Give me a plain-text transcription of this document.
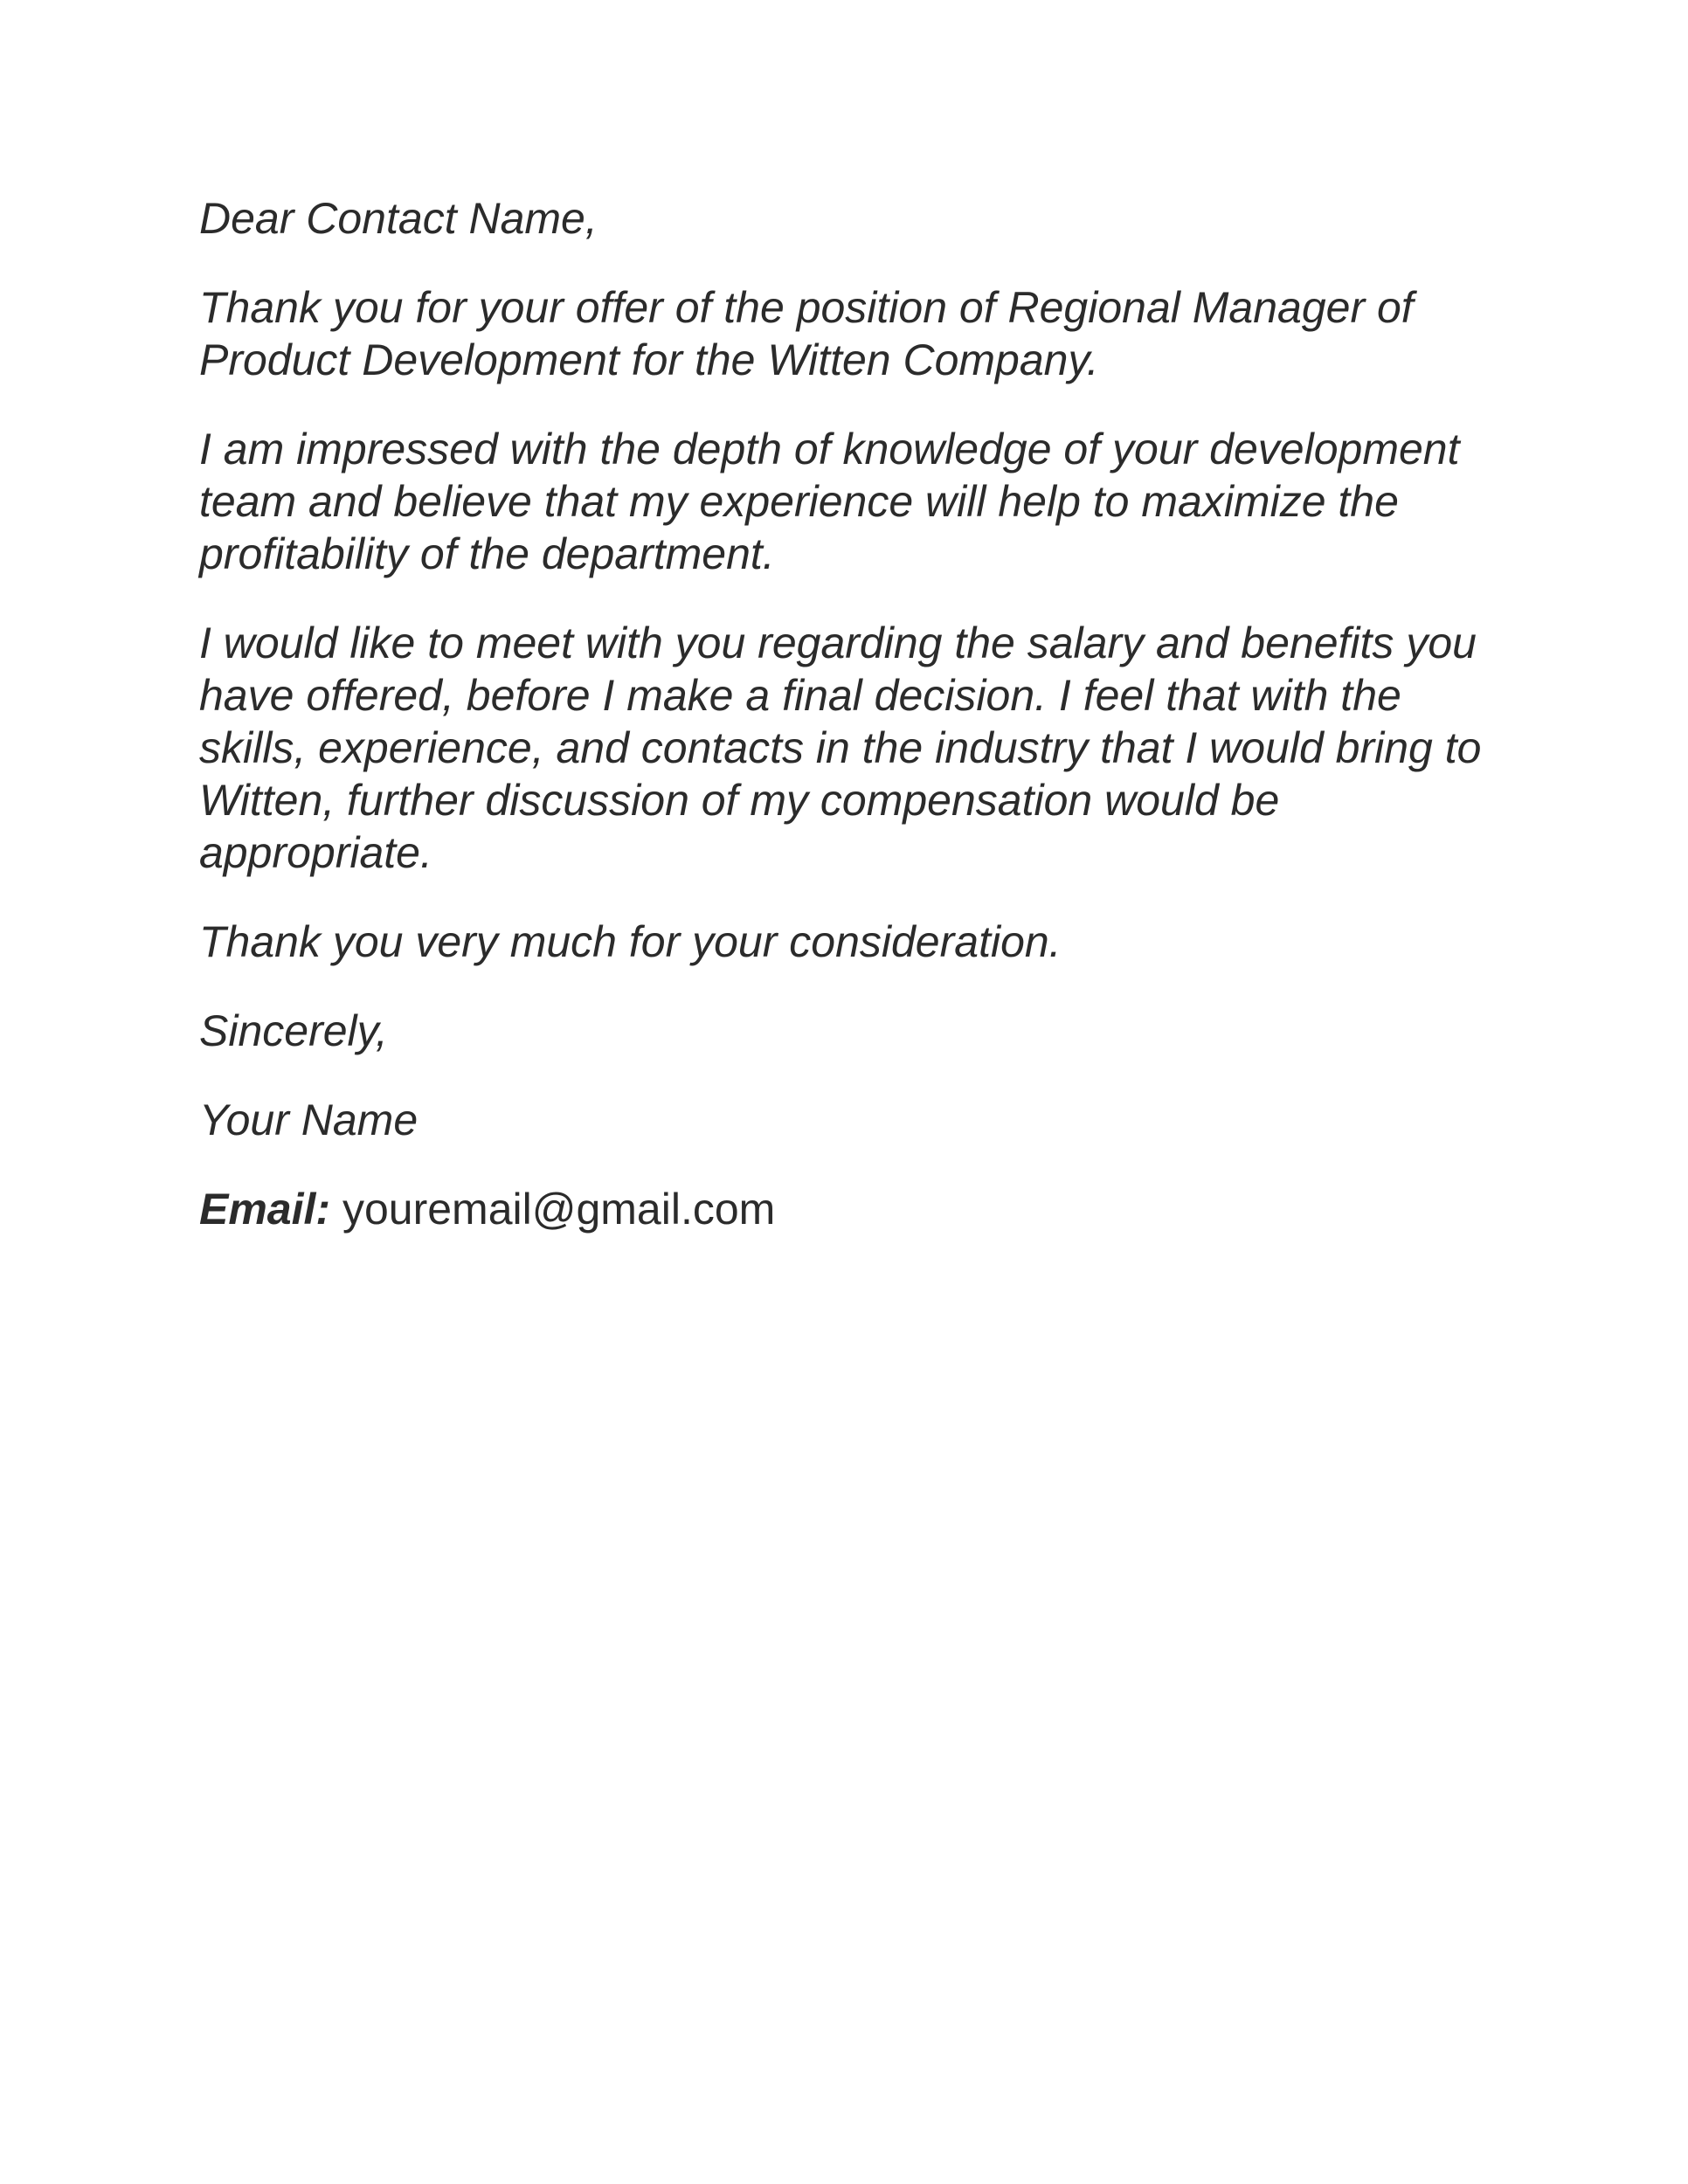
Dear Contact Name,

Thank you for your offer of the position of Regional Manager of Product Development for the Witten Company.

I am impressed with the depth of knowledge of your development team and believe that my experience will help to maximize the profitability of the department.

I would like to meet with you regarding the salary and benefits you have offered, before I make a final decision. I feel that with the skills, experience, and contacts in the industry that I would bring to Witten, further discussion of my compensation would be appropriate.

Thank you very much for your consideration.

Sincerely,

Your Name

Email: youremail@gmail.com
